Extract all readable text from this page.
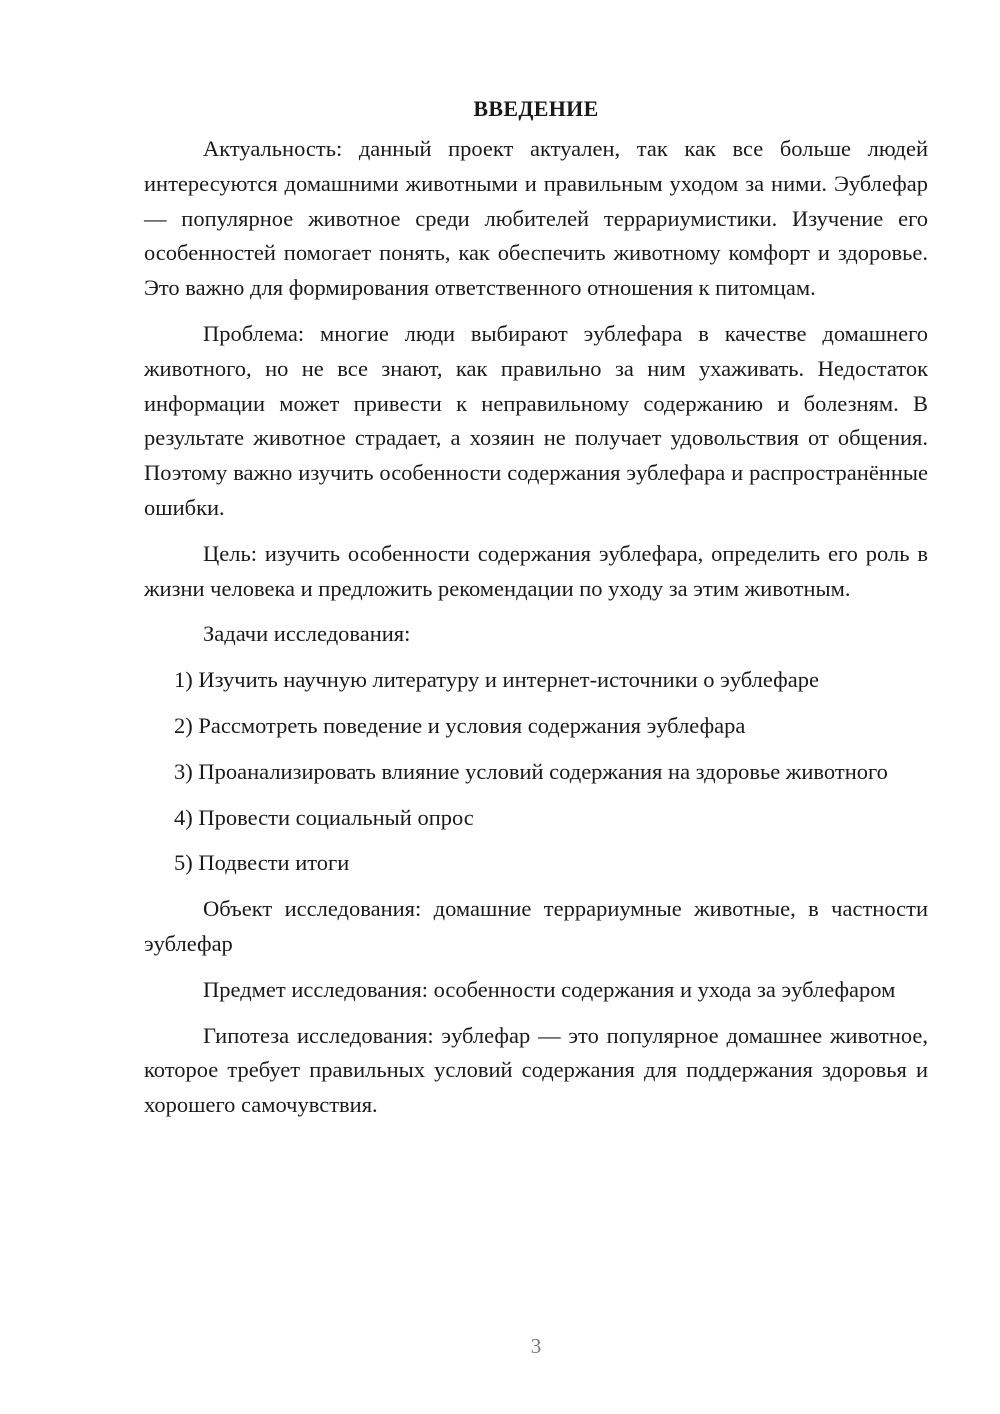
ВВЕДЕНИЕ

Актуальность: данный проект актуален, так как все больше людей интересуются домашними животными и правильным уходом за ними. Эублефар — популярное животное среди любителей террариумистики. Изучение его особенностей помогает понять, как обеспечить животному комфорт и здоровье. Это важно для формирования ответственного отношения к питомцам.

Проблема: многие люди выбирают эублефара в качестве домашнего животного, но не все знают, как правильно за ним ухаживать. Недостаток информации может привести к неправильному содержанию и болезням. В результате животное страдает, а хозяин не получает удовольствия от общения. Поэтому важно изучить особенности содержания эублефара и распространённые ошибки.

Цель: изучить особенности содержания эублефара, определить его роль в жизни человека и предложить рекомендации по уходу за этим животным.

Задачи исследования:

1) Изучить научную литературу и интернет-источники о эублефаре

2) Рассмотреть поведение и условия содержания эублефара

3) Проанализировать влияние условий содержания на здоровье животного

4) Провести социальный опрос

5) Подвести итоги

Объект исследования: домашние террариумные животные, в частности эублефар

Предмет исследования: особенности содержания и ухода за эублефаром

Гипотеза исследования: эублефар — это популярное домашнее животное, которое требует правильных условий содержания для поддержания здоровья и хорошего самочувствия.

3
